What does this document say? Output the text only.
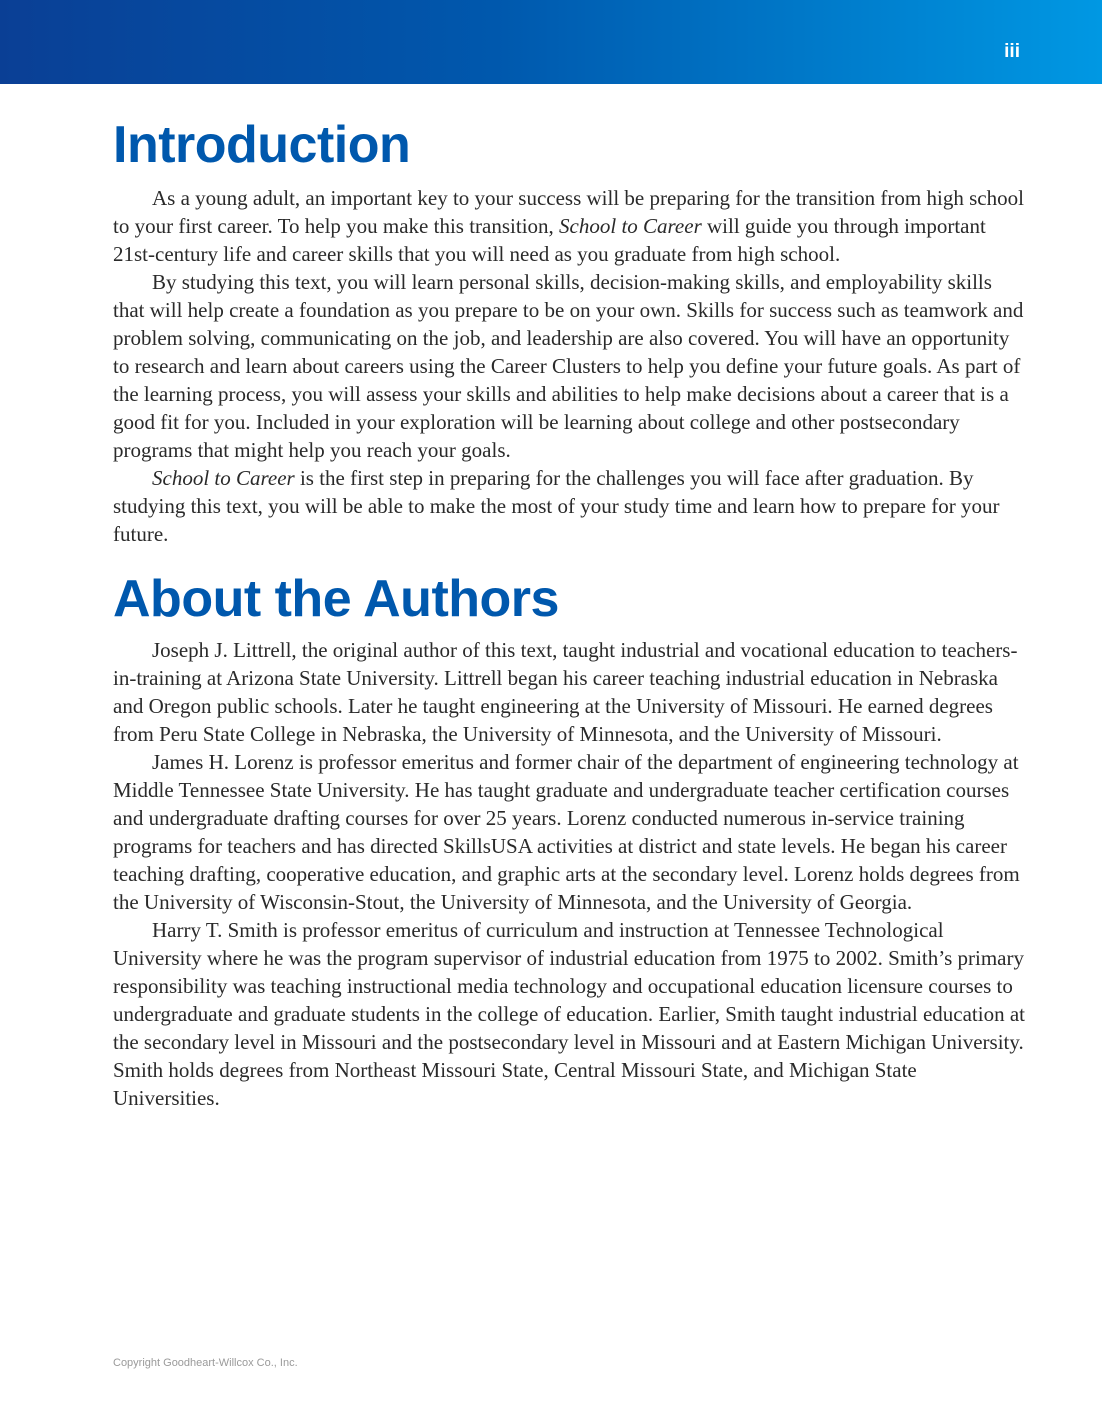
iii
Introduction

As a young adult, an important key to your success will be preparing for the transition from high school to your first career. To help you make this transition, School to Career will guide you through important 21st-century life and career skills that you will need as you graduate from high school.

By studying this text, you will learn personal skills, decision-making skills, and employability skills that will help create a foundation as you prepare to be on your own. Skills for success such as teamwork and problem solving, communicating on the job, and leadership are also covered. You will have an opportunity to research and learn about careers using the Career Clusters to help you define your future goals. As part of the learning process, you will assess your skills and abilities to help make decisions about a career that is a good fit for you. Included in your exploration will be learning about college and other postsecondary programs that might help you reach your goals.

School to Career is the first step in preparing for the challenges you will face after graduation. By studying this text, you will be able to make the most of your study time and learn how to prepare for your future.

About the Authors

Joseph J. Littrell, the original author of this text, taught industrial and vocational education to teachers-in-training at Arizona State University. Littrell began his career teaching industrial education in Nebraska and Oregon public schools. Later he taught engineering at the University of Missouri. He earned degrees from Peru State College in Nebraska, the University of Minnesota, and the University of Missouri.

James H. Lorenz is professor emeritus and former chair of the department of engineering technology at Middle Tennessee State University. He has taught graduate and undergraduate teacher certification courses and undergraduate drafting courses for over 25 years. Lorenz conducted numerous in-service training programs for teachers and has directed SkillsUSA activities at district and state levels. He began his career teaching drafting, cooperative education, and graphic arts at the secondary level. Lorenz holds degrees from the University of Wisconsin-Stout, the University of Minnesota, and the University of Georgia.

Harry T. Smith is professor emeritus of curriculum and instruction at Tennessee Technological University where he was the program supervisor of industrial education from 1975 to 2002. Smith’s primary responsibility was teaching instructional media technology and occupational education licensure courses to undergraduate and graduate students in the college of education. Earlier, Smith taught industrial education at the secondary level in Missouri and the postsecondary level in Missouri and at Eastern Michigan University. Smith holds degrees from Northeast Missouri State, Central Missouri State, and Michigan State Universities.

Copyright Goodheart-Willcox Co., Inc.
